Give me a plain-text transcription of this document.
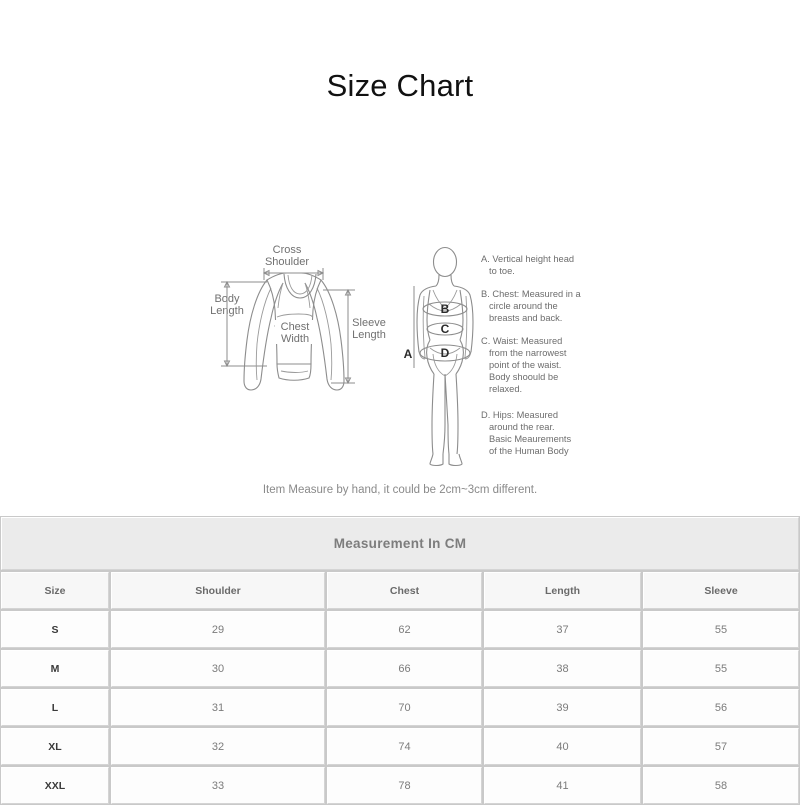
Size Chart
Cross
Shoulder
Body
Length
Sleeve
Length
Chest
Width
B
C
D
A
A. Vertical height head
to toe.
B. Chest: Measured in a
circle around the
breasts and back.
C. Waist: Measured
from the narrowest
point of the waist.
Body shoould be
relaxed.
D. Hips: Measured
around the rear.
Basic Meaurements
of the Human Body
Item Measure by hand, it could be 2cm~3cm different.
Measurement In CM				
Size	Shoulder	Chest	Length	Sleeve
S	29	62	37	55
M	30	66	38	55
L	31	70	39	56
XL	32	74	40	57
XXL	33	78	41	58
